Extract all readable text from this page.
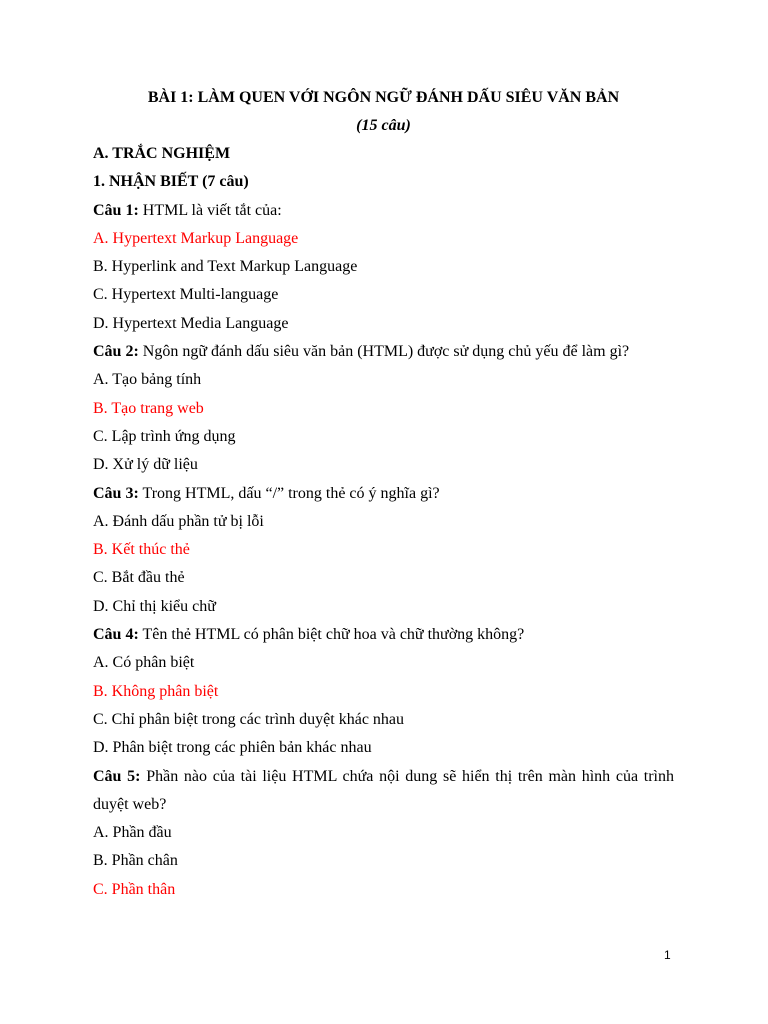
BÀI 1: LÀM QUEN VỚI NGÔN NGỮ ĐÁNH DẤU SIÊU VĂN BẢN

(15 câu)

A. TRẮC NGHIỆM

1. NHẬN BIẾT (7 câu)

Câu 1: HTML là viết tắt của:

A. Hypertext Markup Language

B. Hyperlink and Text Markup Language

C. Hypertext Multi-language

D. Hypertext Media Language

Câu 2: Ngôn ngữ đánh dấu siêu văn bản (HTML) được sử dụng chủ yếu để làm gì?

A. Tạo bảng tính

B. Tạo trang web

C. Lập trình ứng dụng

D. Xử lý dữ liệu

Câu 3: Trong HTML, dấu “/” trong thẻ có ý nghĩa gì?

A. Đánh dấu phần tử bị lỗi

B. Kết thúc thẻ

C. Bắt đầu thẻ

D. Chỉ thị kiểu chữ

Câu 4: Tên thẻ HTML có phân biệt chữ hoa và chữ thường không?

A. Có phân biệt

B. Không phân biệt

C. Chỉ phân biệt trong các trình duyệt khác nhau

D. Phân biệt trong các phiên bản khác nhau

Câu 5: Phần nào của tài liệu HTML chứa nội dung sẽ hiển thị trên màn hình của trình duyệt web?

A. Phần đầu

B. Phần chân

C. Phần thân

1
